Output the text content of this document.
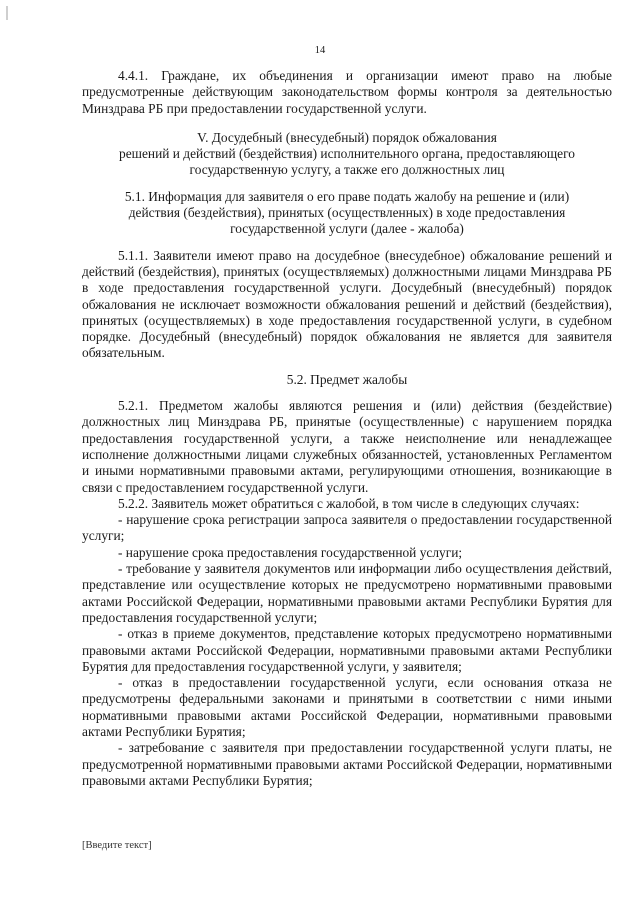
14

4.4.1. Граждане, их объединения и организации имеют право на любые предусмотренные действующим законодательством формы контроля за деятельностью Минздрава РБ при предоставлении государственной услуги.

V. Досудебный (внесудебный) порядок обжалования

решений и действий (бездействия) исполнительного органа, предоставляющего

государственную услугу, а также его должностных лиц

5.1. Информация для заявителя о его праве подать жалобу на решение и (или)

действия (бездействия), принятых (осуществленных) в ходе предоставления

государственной услуги (далее - жалоба)

5.1.1. Заявители имеют право на досудебное (внесудебное) обжалование решений и действий (бездействия), принятых (осуществляемых) должностными лицами Минздрава РБ в ходе предоставления государственной услуги. Досудебный (внесудебный) порядок обжалования не исключает возможности обжалования решений и действий (бездействия), принятых (осуществляемых) в ходе предоставления государственной услуги, в судебном порядке. Досудебный (внесудебный) порядок обжалования не является для заявителя обязательным.

5.2. Предмет жалобы

5.2.1. Предметом жалобы являются решения и (или) действия (бездействие) должностных лиц Минздрава РБ, принятые (осуществленные) с нарушением порядка предоставления государственной услуги, а также неисполнение или ненадлежащее исполнение должностными лицами служебных обязанностей, установленных Регламентом и иными нормативными правовыми актами, регулирующими отношения, возникающие в связи с предоставлением государственной услуги.

5.2.2. Заявитель может обратиться с жалобой, в том числе в следующих случаях:

- нарушение срока регистрации запроса заявителя о предоставлении государственной услуги;

- нарушение срока предоставления государственной услуги;

- требование у заявителя документов или информации либо осуществления действий, представление или осуществление которых не предусмотрено нормативными правовыми актами Российской Федерации, нормативными правовыми актами Республики Бурятия для предоставления государственной услуги;

- отказ в приеме документов, представление которых предусмотрено нормативными правовыми актами Российской Федерации, нормативными правовыми актами Республики Бурятия для предоставления государственной услуги, у заявителя;

- отказ в предоставлении государственной услуги, если основания отказа не предусмотрены федеральными законами и принятыми в соответствии с ними иными нормативными правовыми актами Российской Федерации, нормативными правовыми актами Республики Бурятия;

- затребование с заявителя при предоставлении государственной услуги платы, не предусмотренной нормативными правовыми актами Российской Федерации, нормативными правовыми актами Республики Бурятия;

[Введите текст]
